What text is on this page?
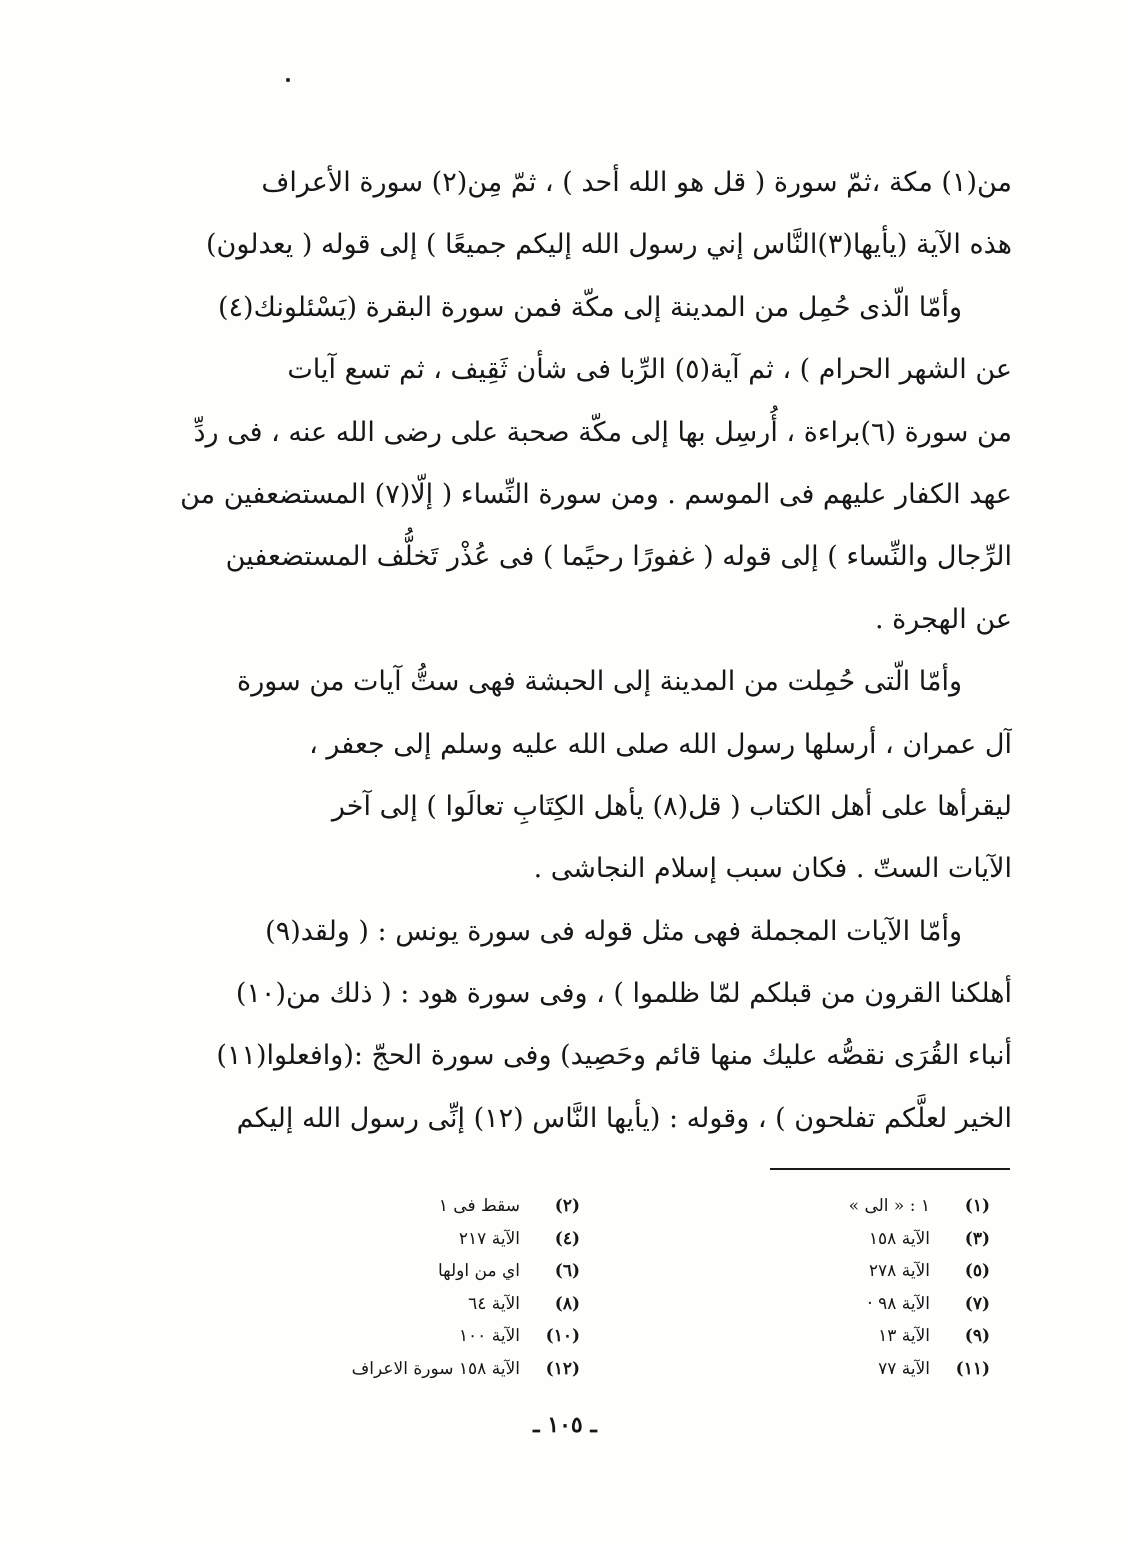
من(١) مكة ،ثمّ سورة ( قل هو الله أحد ) ، ثمّ مِن(٢) سورة الأعراف
هذه الآية (يأيها(٣)النَّاس إني رسول الله إليكم جميعًا ) إلى قوله ( يعدلون)
وأمّا الّذى حُمِل من المدينة إلى مكّة فمن سورة البقرة (يَسْئلونك(٤)
عن الشهر الحرام ) ، ثم آية(٥) الرِّبا فى شأن ثَقِيف ، ثم تسع آيات
من سورة (٦)براءة ، أُرسِل بها إلى مكّة صحبة على رضى الله عنه ، فى ردِّ
عهد الكفار عليهم فى الموسم . ومن سورة النِّساء ( إلّا(٧) المستضعفين من
الرِّجال والنِّساء ) إلى قوله ( غفورًا رحيًما ) فى عُذْر تَخلُّف المستضعفين
عن الهجرة .
وأمّا الّتى حُمِلت من المدينة إلى الحبشة فهى ستُّ آيات من سورة
آل عمران ، أرسلها رسول الله صلى الله عليه وسلم إلى جعفر ،
ليقرأها على أهل الكتاب ( قل(٨) يأهل الكِتَابِ تعالَوا ) إلى آخر
الآيات الستّ . فكان سبب إسلام النجاشى .
وأمّا الآيات المجملة فهى مثل قوله فى سورة يونس : ( ولقد(٩)
أهلكنا القرون من قبلكم لمّا ظلموا ) ، وفى سورة هود : ( ذلك من(١٠)
أنباء القُرَى نقصُّه عليك منها قائم وحَصِيد) وفى سورة الحجّ :(وافعلوا(١١)
الخير لعلَّكم تفلحون ) ، وقوله : (يأيها النَّاس (١٢) إنِّى رسول الله إليكم
(١)١ : « الى »
(٣)الآية ١٥٨
(٥)الآية ٢٧٨
(٧)الآية ٩٨ ·
(٩)الآية ١٣
(١١)الآية ٧٧
(٢)سقط فى ١
(٤)الآية ٢١٧
(٦)اي من اولها
(٨)الآية ٦٤
(١٠)الآية ١٠٠
(١٢)الآية ١٥٨ سورة الاعراف
ـ ١٠٥ ـ
